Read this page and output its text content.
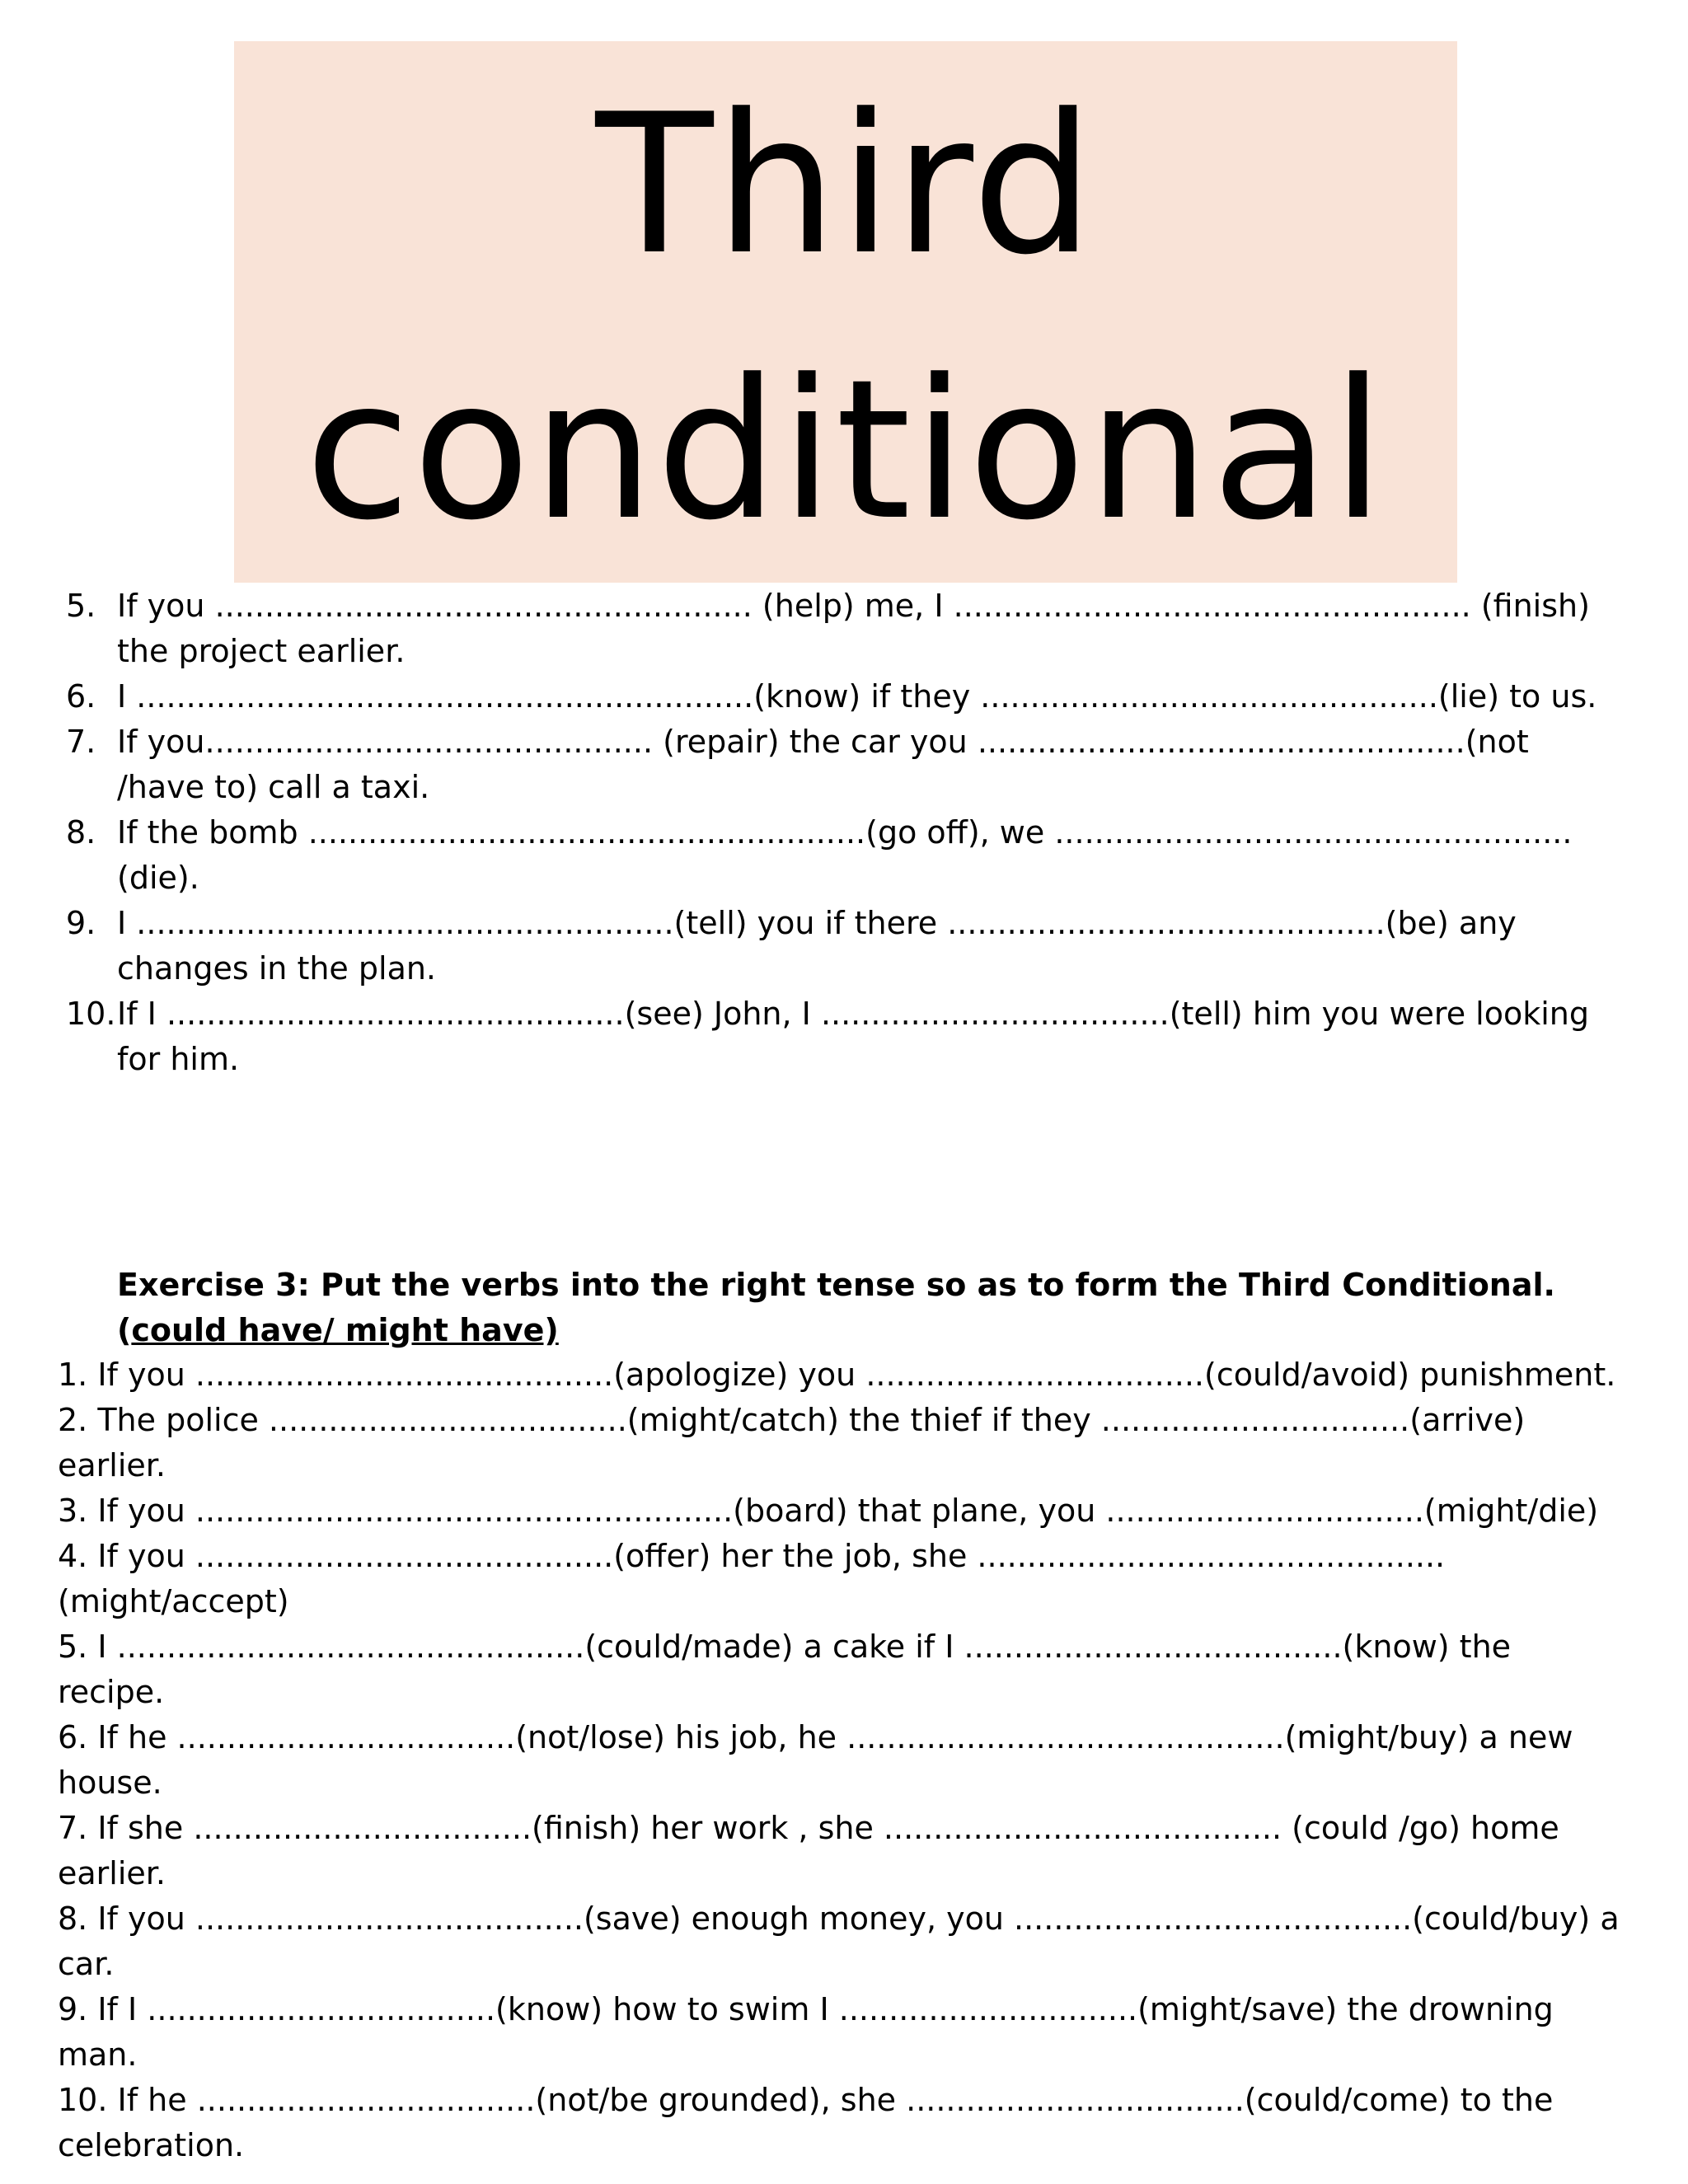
Third
conditional
5. If you ...................................................... (help) me, I .................................................... (finish) the project earlier.
6. I ..............................................................(know) if they ..............................................(lie) to us.
7. If you............................................. (repair) the car you .................................................(not /have to) call a taxi.
8. If the bomb ........................................................(go off), we .................................................... (die).
9. I ......................................................(tell) you if there ............................................(be) any changes in the plan.
10. If I ..............................................(see) John, I ...................................(tell) him you were looking for him.
Exercise 3: Put the verbs into the right tense so as to form the Third Conditional. (could have/ might have)
1. If you ..........................................(apologize) you ..................................(could/avoid) punishment.
2. The police ....................................(might/catch) the thief if they ...............................(arrive) earlier.
3. If you ......................................................(board) that plane, you ................................(might/die)
4. If you ..........................................(offer) her the job, she ...............................................(might/accept)
5. I ...............................................(could/made) a cake if I ......................................(know) the recipe.
6. If he ..................................(not/lose) his job, he ............................................(might/buy) a new house.
7. If she ..................................(finish) her work , she ........................................ (could /go) home earlier.
8. If you .......................................(save) enough money, you ........................................(could/buy) a car.
9. If I ...................................(know) how to swim I ..............................(might/save) the drowning man.
10. If he ..................................(not/be grounded), she ..................................(could/come) to the celebration.
